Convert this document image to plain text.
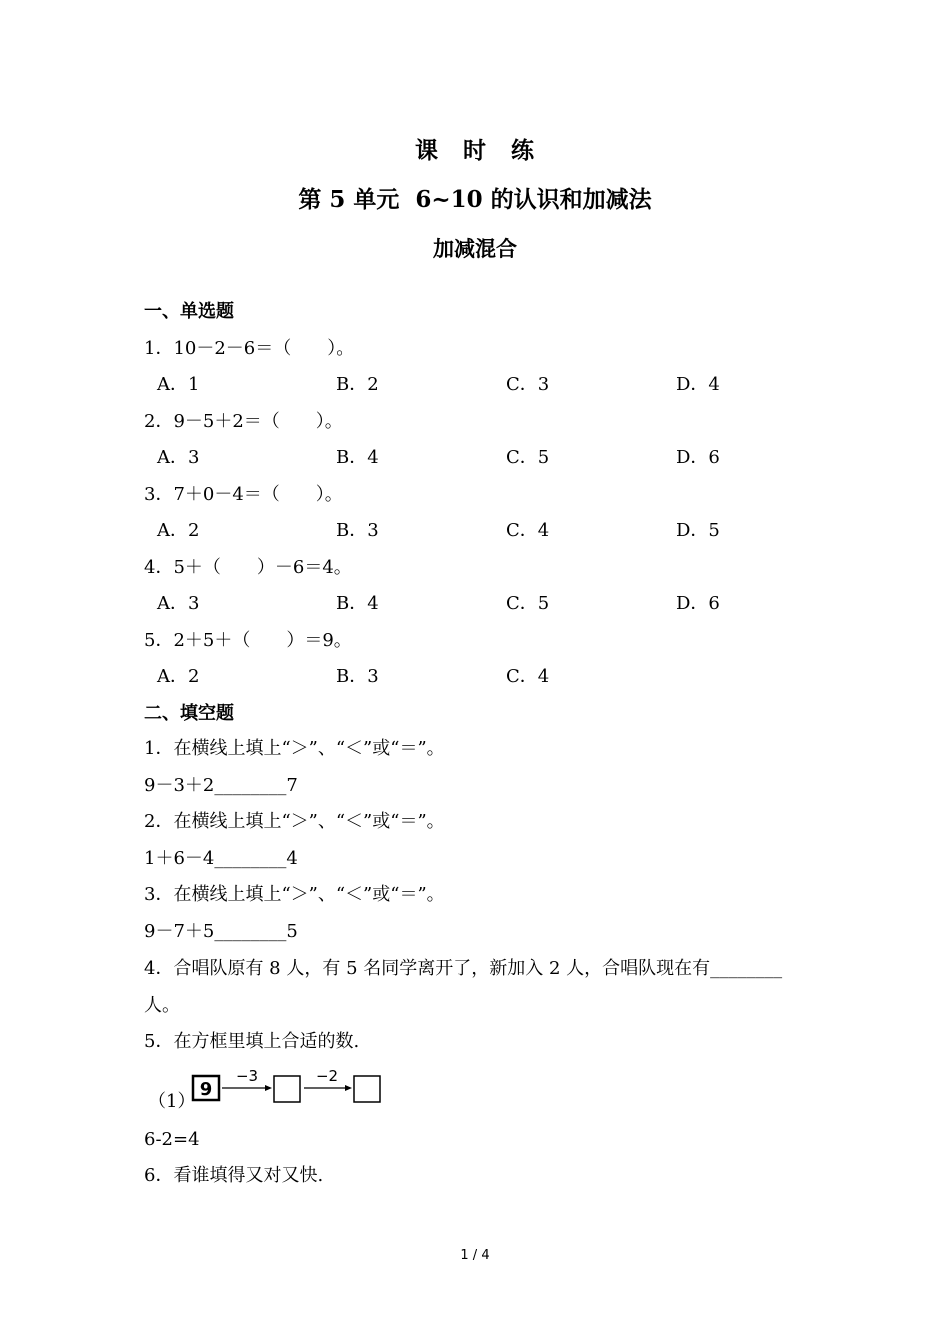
课　时　练
第 5 单元  6~10 的认识和加减法
加减混合
一、单选题
1．10－2－6＝（　　）。
A．1	B．2	C．3	D．4
2．9－5＋2＝（　　）。
A．3	B．4	C．5	D．6
3．7＋0－4＝（　　）。
A．2	B．3	C．4	D．5
4．5＋（　　）－6＝4。
A．3	B．4	C．5	D．6
5．2＋5＋（　　）＝9。
A．2	B．3	C．4
二、填空题
1．在横线上填上“＞”、“＜”或“＝”。
9－3＋2________7
2．在横线上填上“＞”、“＜”或“＝”。
1＋6－4________4
3．在横线上填上“＞”、“＜”或“＝”。
9－7＋5________5
4．合唱队原有 8 人，有 5 名同学离开了，新加入 2 人，合唱队现在有________
人。
5．在方框里填上合适的数.
（1）
9
−3	−2
6-2=4
6．看谁填得又对又快.
1 / 4
